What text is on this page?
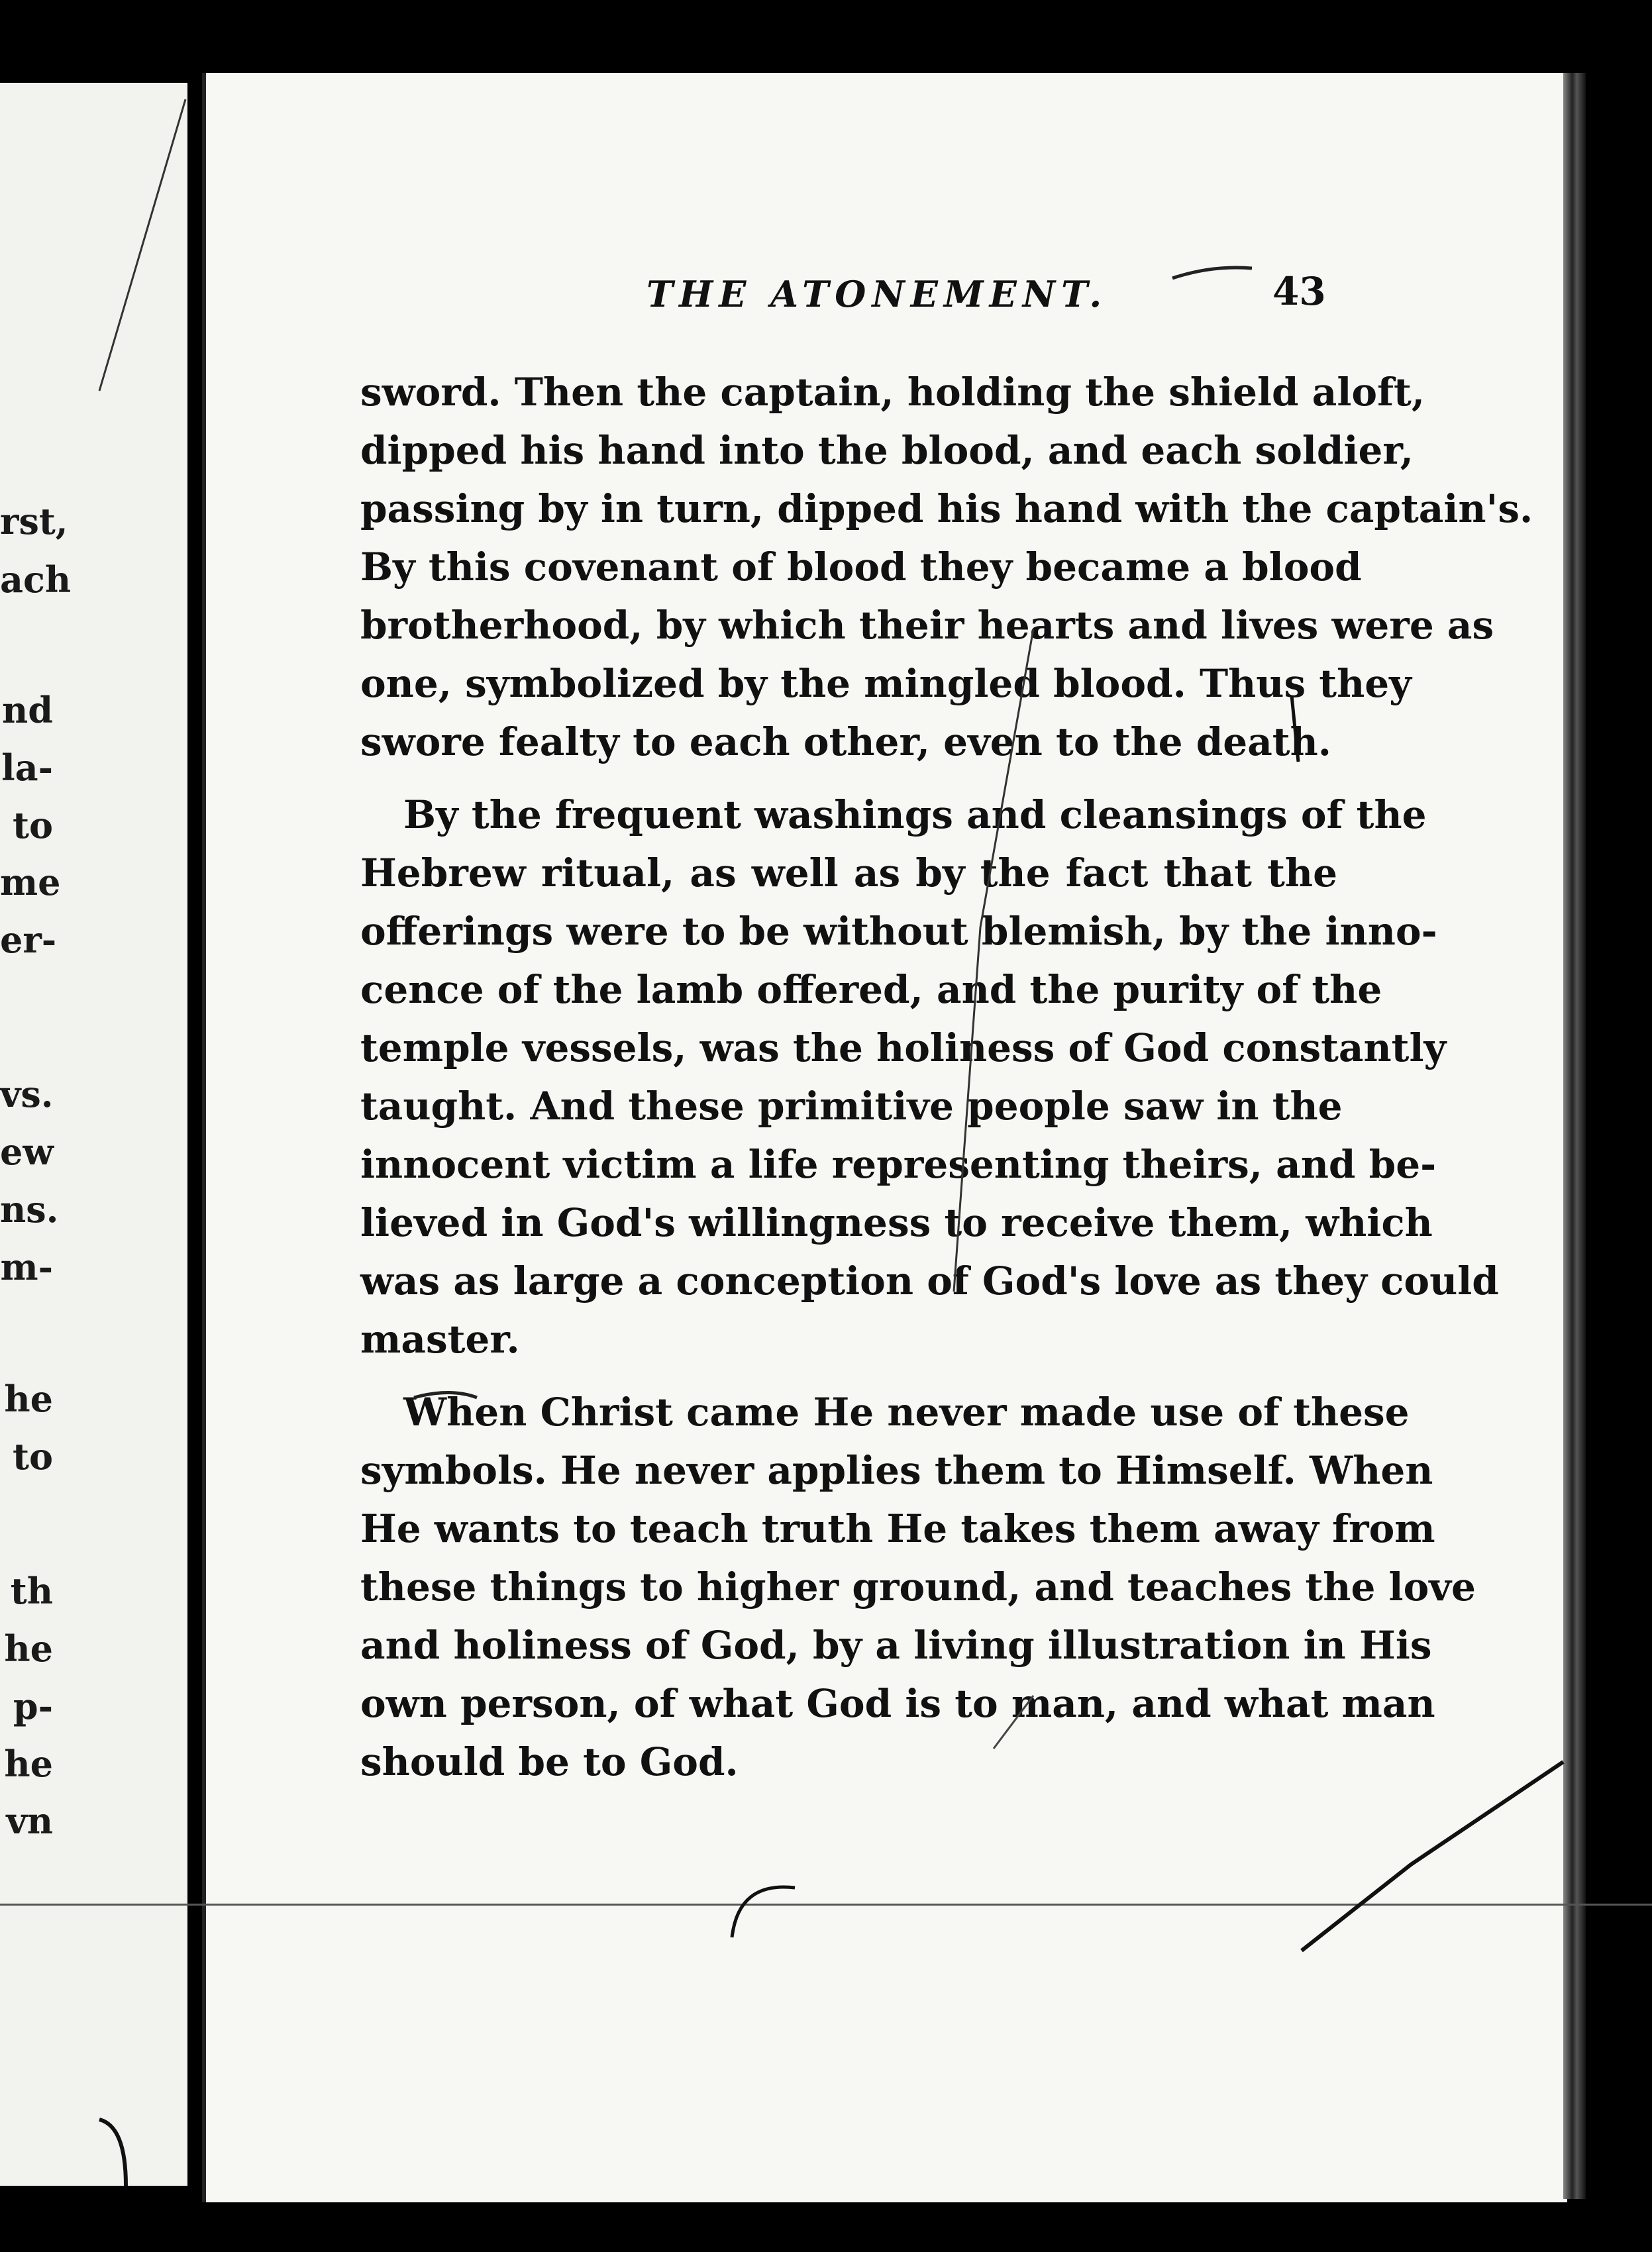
rst,
ach
nd
la-
to
me
er-
vs.
ew
ns.
m-
he
to
th
he
p-
he
vn
THE ATONEMENT.	43

sword. Then the captain, holding the shield aloft,

dipped his hand into the blood, and each soldier,

passing by in turn, dipped his hand with the captain's.

By this covenant of blood they became a blood

brotherhood, by which their hearts and lives were as

one, symbolized by the mingled blood. Thus they

swore fealty to each other, even to the death.

By the frequent washings and cleansings of the

Hebrew ritual, as well as by the fact that the

offerings were to be without blemish, by the inno-

cence of the lamb offered, and the purity of the

temple vessels, was the holiness of God constantly

taught. And these primitive people saw in the

innocent victim a life representing theirs, and be-

lieved in God's willingness to receive them, which

was as large a conception of God's love as they could

master.

When Christ came He never made use of these

symbols. He never applies them to Himself. When

He wants to teach truth He takes them away from

these things to higher ground, and teaches the love

and holiness of God, by a living illustration in His

own person, of what God is to man, and what man

should be to God.
